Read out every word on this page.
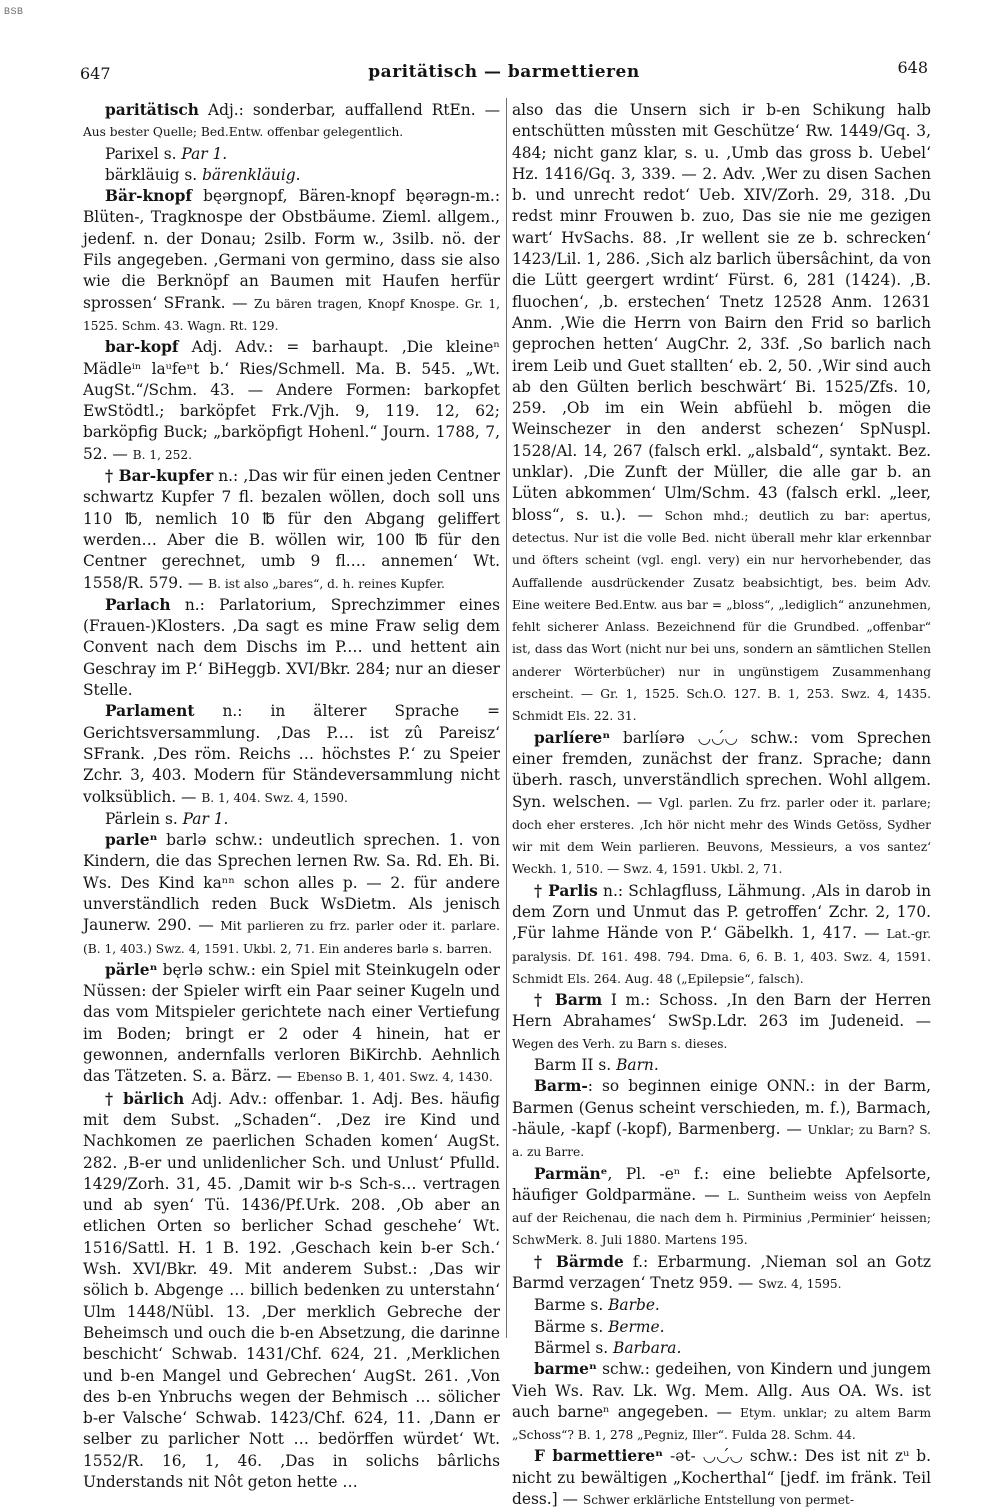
BSB
647	paritätisch — barmettieren	648

paritätisch Adj.: sonderbar, auffallend RtEn. — Aus bester Quelle; Bed.Entw. offenbar gelegentlich.

Parixel s. Par 1.

bärkläuig s. bärenkläuig.

Bär-knopf bęərgnopf, Bären-knopf bęərəgn-m.: Blüten-, Tragknospe der Obstbäume. Zieml. allgem., jedenf. n. der Donau; 2silb. Form w., 3silb. nö. der Fils angegeben. ‚Germani von germino, dass sie also wie die Berknöpf an Baumen mit Haufen herfür sprossen‘ SFrank. — Zu bären tragen, Knopf Knospe. Gr. 1, 1525. Schm. 43. Wagn. Rt. 129.

bar-kopf Adj. Adv.: = barhaupt. ‚Die kleineⁿ Mädleⁱⁿ laᵘfeⁿt b.‘ Ries/Schmell. Ma. B. 545. „Wt. AugSt.“/Schm. 43. — Andere Formen: barkopfet EwStödtl.; barköpfet Frk./Vjh. 9, 119. 12, 62; barköpfig Buck; „barköpfigt Hohenl.“ Journ. 1788, 7, 52. — B. 1, 252.

† Bar-kupfer n.: ‚Das wir für einen jeden Centner schwartz Kupfer 7 fl. bezalen wöllen, doch soll uns 110 ℔, nemlich 10 ℔ für den Abgang geliffert werden… Aber die B. wöllen wir, 100 ℔ für den Centner gerechnet, umb 9 fl.… annemen‘ Wt. 1558/R. 579. — B. ist also „bares“, d. h. reines Kupfer.

Parlach n.: Parlatorium, Sprechzimmer eines (Frauen-)Klosters. ‚Da sagt es mine Fraw selig dem Convent nach dem Dischs im P.… und hettent ain Geschray im P.‘ BiHeggb. XVI/Bkr. 284; nur an dieser Stelle.

Parlament n.: in älterer Sprache = Gerichtsversammlung. ‚Das P.… ist zû Pareisz‘ SFrank. ‚Des röm. Reichs … höchstes P.‘ zu Speier Zchr. 3, 403. Modern für Ständeversammlung nicht volksüblich. — B. 1, 404. Swz. 4, 1590.

Pärlein s. Par 1.

parleⁿ barlə schw.: undeutlich sprechen. 1. von Kindern, die das Sprechen lernen Rw. Sa. Rd. Eh. Bi. Ws. Des Kind kaⁿⁿ schon alles p. — 2. für andere unverständlich reden Buck WsDietm. Als jenisch Jaunerw. 290. — Mit parlieren zu frz. parler oder it. parlare. (B. 1, 403.) Swz. 4, 1591. Ukbl. 2, 71. Ein anderes barlə s. barren.

pärleⁿ bęrlə schw.: ein Spiel mit Steinkugeln oder Nüssen: der Spieler wirft ein Paar seiner Kugeln und das vom Mitspieler gerichtete nach einer Vertiefung im Boden; bringt er 2 oder 4 hinein, hat er gewonnen, andernfalls verloren BiKirchb. Aehnlich das Tätzeten. S. a. Bärz. — Ebenso B. 1, 401. Swz. 4, 1430.

† bärlich Adj. Adv.: offenbar. 1. Adj. Bes. häufig mit dem Subst. „Schaden“. ‚Dez ire Kind und Nachkomen ze paerlichen Schaden komen‘ AugSt. 282. ‚B-er und unlidenlicher Sch. und Unlust‘ Pfulld. 1429/Zorh. 31, 45. ‚Damit wir b-s Sch-s… vertragen und ab syen‘ Tü. 1436/Pf.Urk. 208. ‚Ob aber an etlichen Orten so berlicher Schad geschehe‘ Wt. 1516/Sattl. H. 1 B. 192. ‚Geschach kein b-er Sch.‘ Wsh. XVI/Bkr. 49. Mit anderem Subst.: ‚Das wir sölich b. Abgenge … billich bedenken zu unterstahn‘ Ulm 1448/Nübl. 13. ‚Der merklich Gebreche der Beheimsch und ouch die b-en Absetzung, die darinne beschicht‘ Schwab. 1431/Chf. 624, 21. ‚Merklichen und b-en Mangel und Gebrechen‘ AugSt. 261. ‚Von des b-en Ynbruchs wegen der Behmisch … sölicher b-er Valsche‘ Schwab. 1423/Chf. 624, 11. ‚Dann er selber zu parlicher Nott … bedörffen würdet‘ Wt. 1552/R. 16, 1, 46. ‚Das in solichs bârlichs Understands nit Nôt geton hette …

also das die Unsern sich ir b-en Schikung halb entschütten mûssten mit Geschütze‘ Rw. 1449/Gq. 3, 484; nicht ganz klar, s. u. ‚Umb das gross b. Uebel‘ Hz. 1416/Gq. 3, 339. — 2. Adv. ‚Wer zu disen Sachen b. und unrecht redot‘ Ueb. XIV/Zorh. 29, 318. ‚Du redst minr Frouwen b. zuo, Das sie nie me gezigen wart‘ HvSachs. 88. ‚Ir wellent sie ze b. schrecken‘ 1423/Lil. 1, 286. ‚Sich alz barlich übersâchint, da von die Lütt geergert wrdint‘ Fürst. 6, 281 (1424). ‚B. fluochen‘, ‚b. erstechen‘ Tnetz 12528 Anm. 12631 Anm. ‚Wie die Herrn von Bairn den Frid so barlich geprochen hetten‘ AugChr. 2, 33f. ‚So barlich nach irem Leib und Guet stallten‘ eb. 2, 50. ‚Wir sind auch ab den Gülten berlich beschwärt‘ Bi. 1525/Zfs. 10, 259. ‚Ob im ein Wein abfüehl b. mögen die Weinschezer in den anderst schezen‘ SpNuspl. 1528/Al. 14, 267 (falsch erkl. „alsbald“, syntakt. Bez. unklar). ‚Die Zunft der Müller, die alle gar b. an Lüten abkommen‘ Ulm/Schm. 43 (falsch erkl. „leer, bloss“, s. u.). — Schon mhd.; deutlich zu bar: apertus, detectus. Nur ist die volle Bed. nicht überall mehr klar erkennbar und öfters scheint (vgl. engl. very) ein nur hervorhebender, das Auffallende ausdrückender Zusatz beabsichtigt, bes. beim Adv. Eine weitere Bed.Entw. aus bar = „bloss“, „lediglich“ anzunehmen, fehlt sicherer Anlass. Bezeichnend für die Grundbed. „offenbar“ ist, dass das Wort (nicht nur bei uns, sondern an sämtlichen Stellen anderer Wörterbücher) nur in ungünstigem Zusammenhang erscheint. — Gr. 1, 1525. Sch.O. 127. B. 1, 253. Swz. 4, 1435. Schmidt Els. 22. 31.

parlíereⁿ barlíərə ◡◡́◡ schw.: vom Sprechen einer fremden, zunächst der franz. Sprache; dann überh. rasch, unverständlich sprechen. Wohl allgem. Syn. welschen. — Vgl. parlen. Zu frz. parler oder it. parlare; doch eher ersteres. ‚Ich hör nicht mehr des Winds Getöss, Sydher wir mit dem Wein parlieren. Beuvons, Messieurs, a vos santez‘ Weckh. 1, 510. — Swz. 4, 1591. Ukbl. 2, 71.

† Parlis n.: Schlagfluss, Lähmung. ‚Als in darob in dem Zorn und Unmut das P. getroffen‘ Zchr. 2, 170. ‚Für lahme Hände von P.‘ Gäbelkh. 1, 417. — Lat.-gr. paralysis. Df. 161. 498. 794. Dma. 6, 6. B. 1, 403. Swz. 4, 1591. Schmidt Els. 264. Aug. 48 („Epilepsie“, falsch).

† Barm I m.: Schoss. ‚In den Barn der Herren Hern Abrahames‘ SwSp.Ldr. 263 im Judeneid. — Wegen des Verh. zu Barn s. dieses.

Barm II s. Barn.

Barm-: so beginnen einige ONN.: in der Barm, Barmen (Genus scheint verschieden, m. f.), Barmach, -häule, -kapf (-kopf), Barmenberg. — Unklar; zu Barn? S. a. zu Barre.

Parmänᵉ, Pl. -eⁿ f.: eine beliebte Apfelsorte, häufiger Goldparmäne. — L. Suntheim weiss von Aepfeln auf der Reichenau, die nach dem h. Pirminius ‚Perminier‘ heissen; SchwMerk. 8. Juli 1880. Martens 195.

† Bärmde f.: Erbarmung. ‚Nieman sol an Gotz Barmd verzagen‘ Tnetz 959. — Swz. 4, 1595.

Barme s. Barbe.

Bärme s. Berme.

Bärmel s. Barbara.

barmeⁿ schw.: gedeihen, von Kindern und jungem Vieh Ws. Rav. Lk. Wg. Mem. Allg. Aus OA. Ws. ist auch barneⁿ angegeben. — Etym. unklar; zu altem Barm „Schoss“? B. 1, 278 „Pegniz, Iller“. Fulda 28. Schm. 44.

F barmettiereⁿ -ət- ◡◡́◡ schw.: Des ist nit zᵘ b. nicht zu bewältigen „Kocherthal“ [jedf. im fränk. Teil dess.] — Schwer erklärliche Entstellung von permet-
